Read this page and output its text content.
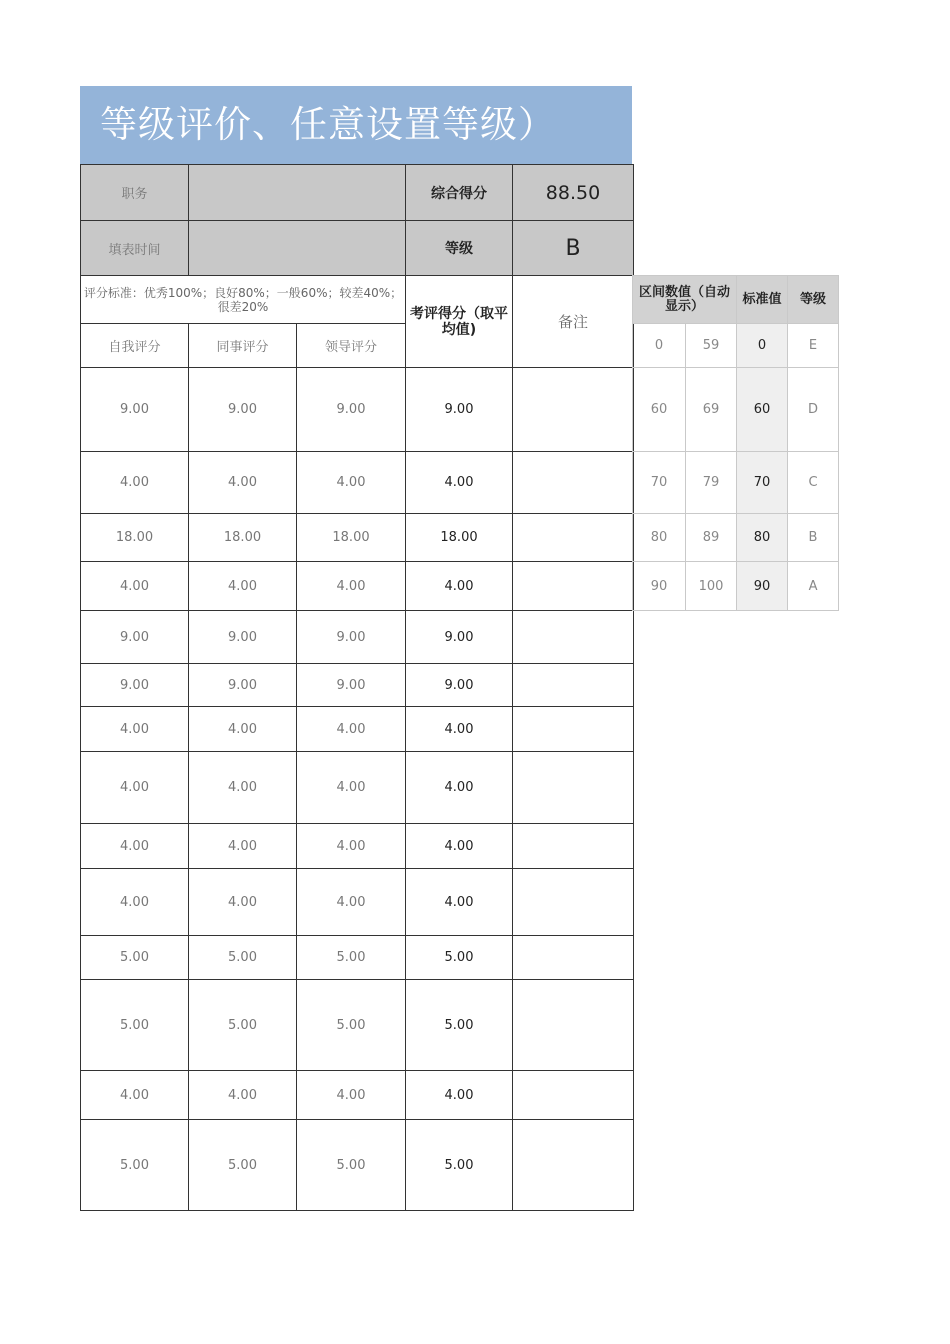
等级评价、任意设置等级）
职务			综合得分	88.50
填表时间			等级	B
评分标准：优秀100%；良好80%；一般60%；较差40%；很差20%			考评得分（取平均值)	备注
自我评分	同事评分	领导评分		
9.00	9.00	9.00	9.00	
4.00	4.00	4.00	4.00	
18.00	18.00	18.00	18.00	
4.00	4.00	4.00	4.00	
9.00	9.00	9.00	9.00	
9.00	9.00	9.00	9.00	
4.00	4.00	4.00	4.00	
4.00	4.00	4.00	4.00	
4.00	4.00	4.00	4.00	
4.00	4.00	4.00	4.00	
5.00	5.00	5.00	5.00	
5.00	5.00	5.00	5.00	
4.00	4.00	4.00	4.00	
5.00	5.00	5.00	5.00	
区间数值（自动显示）		标准值	等级
0	59	0	E
60	69	60	D
70	79	70	C
80	89	80	B
90	100	90	A
